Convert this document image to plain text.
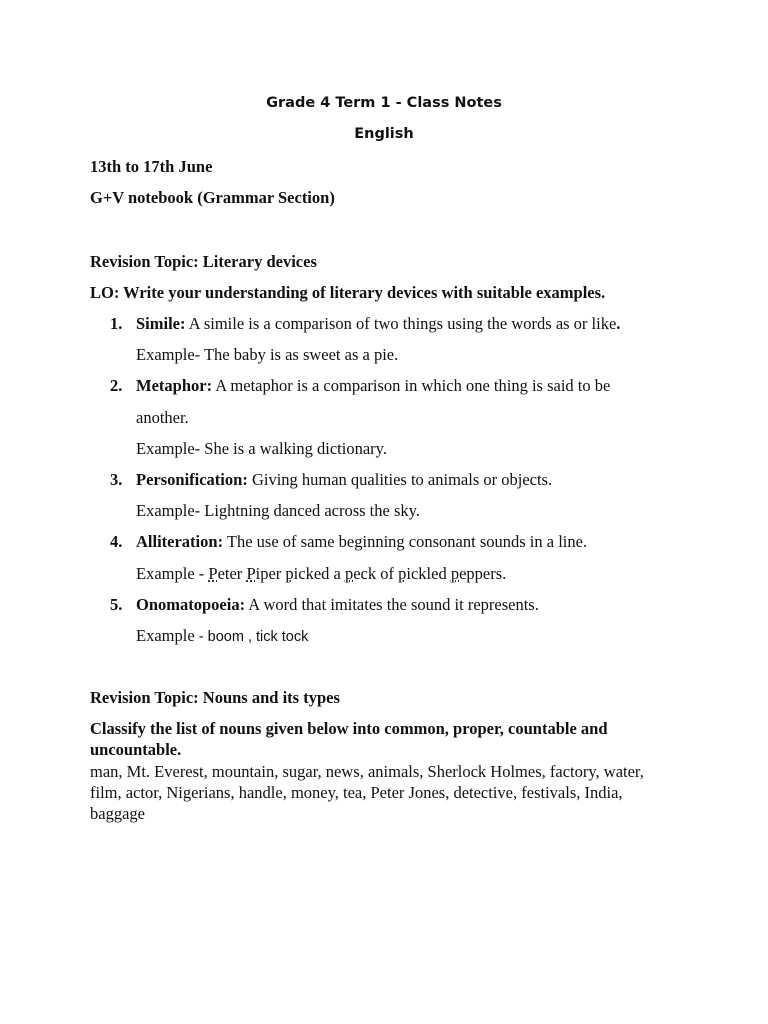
Grade 4 Term 1 - Class Notes
English
13th to 17th June
G+V notebook (Grammar Section)
Revision Topic: Literary devices
LO: Write your understanding of literary devices with suitable examples.
1. Simile: A simile is a comparison of two things using the words as or like.
Example- The baby is as sweet as a pie.
2. Metaphor: A metaphor is a comparison in which one thing is said to be
another.
Example- She is a walking dictionary.
3. Personification: Giving human qualities to animals or objects.
Example- Lightning danced across the sky.
4. Alliteration: The use of same beginning consonant sounds in a line.
Example - Peter Piper picked a peck of pickled peppers.
5. Onomatopoeia: A word that imitates the sound it represents.
Example - boom , tick tock
Revision Topic: Nouns and its types
Classify the list of nouns given below into common, proper, countable and uncountable.
man, Mt. Everest, mountain, sugar, news, animals, Sherlock Holmes, factory, water, film, actor, Nigerians, handle, money, tea, Peter Jones, detective, festivals, India, baggage
